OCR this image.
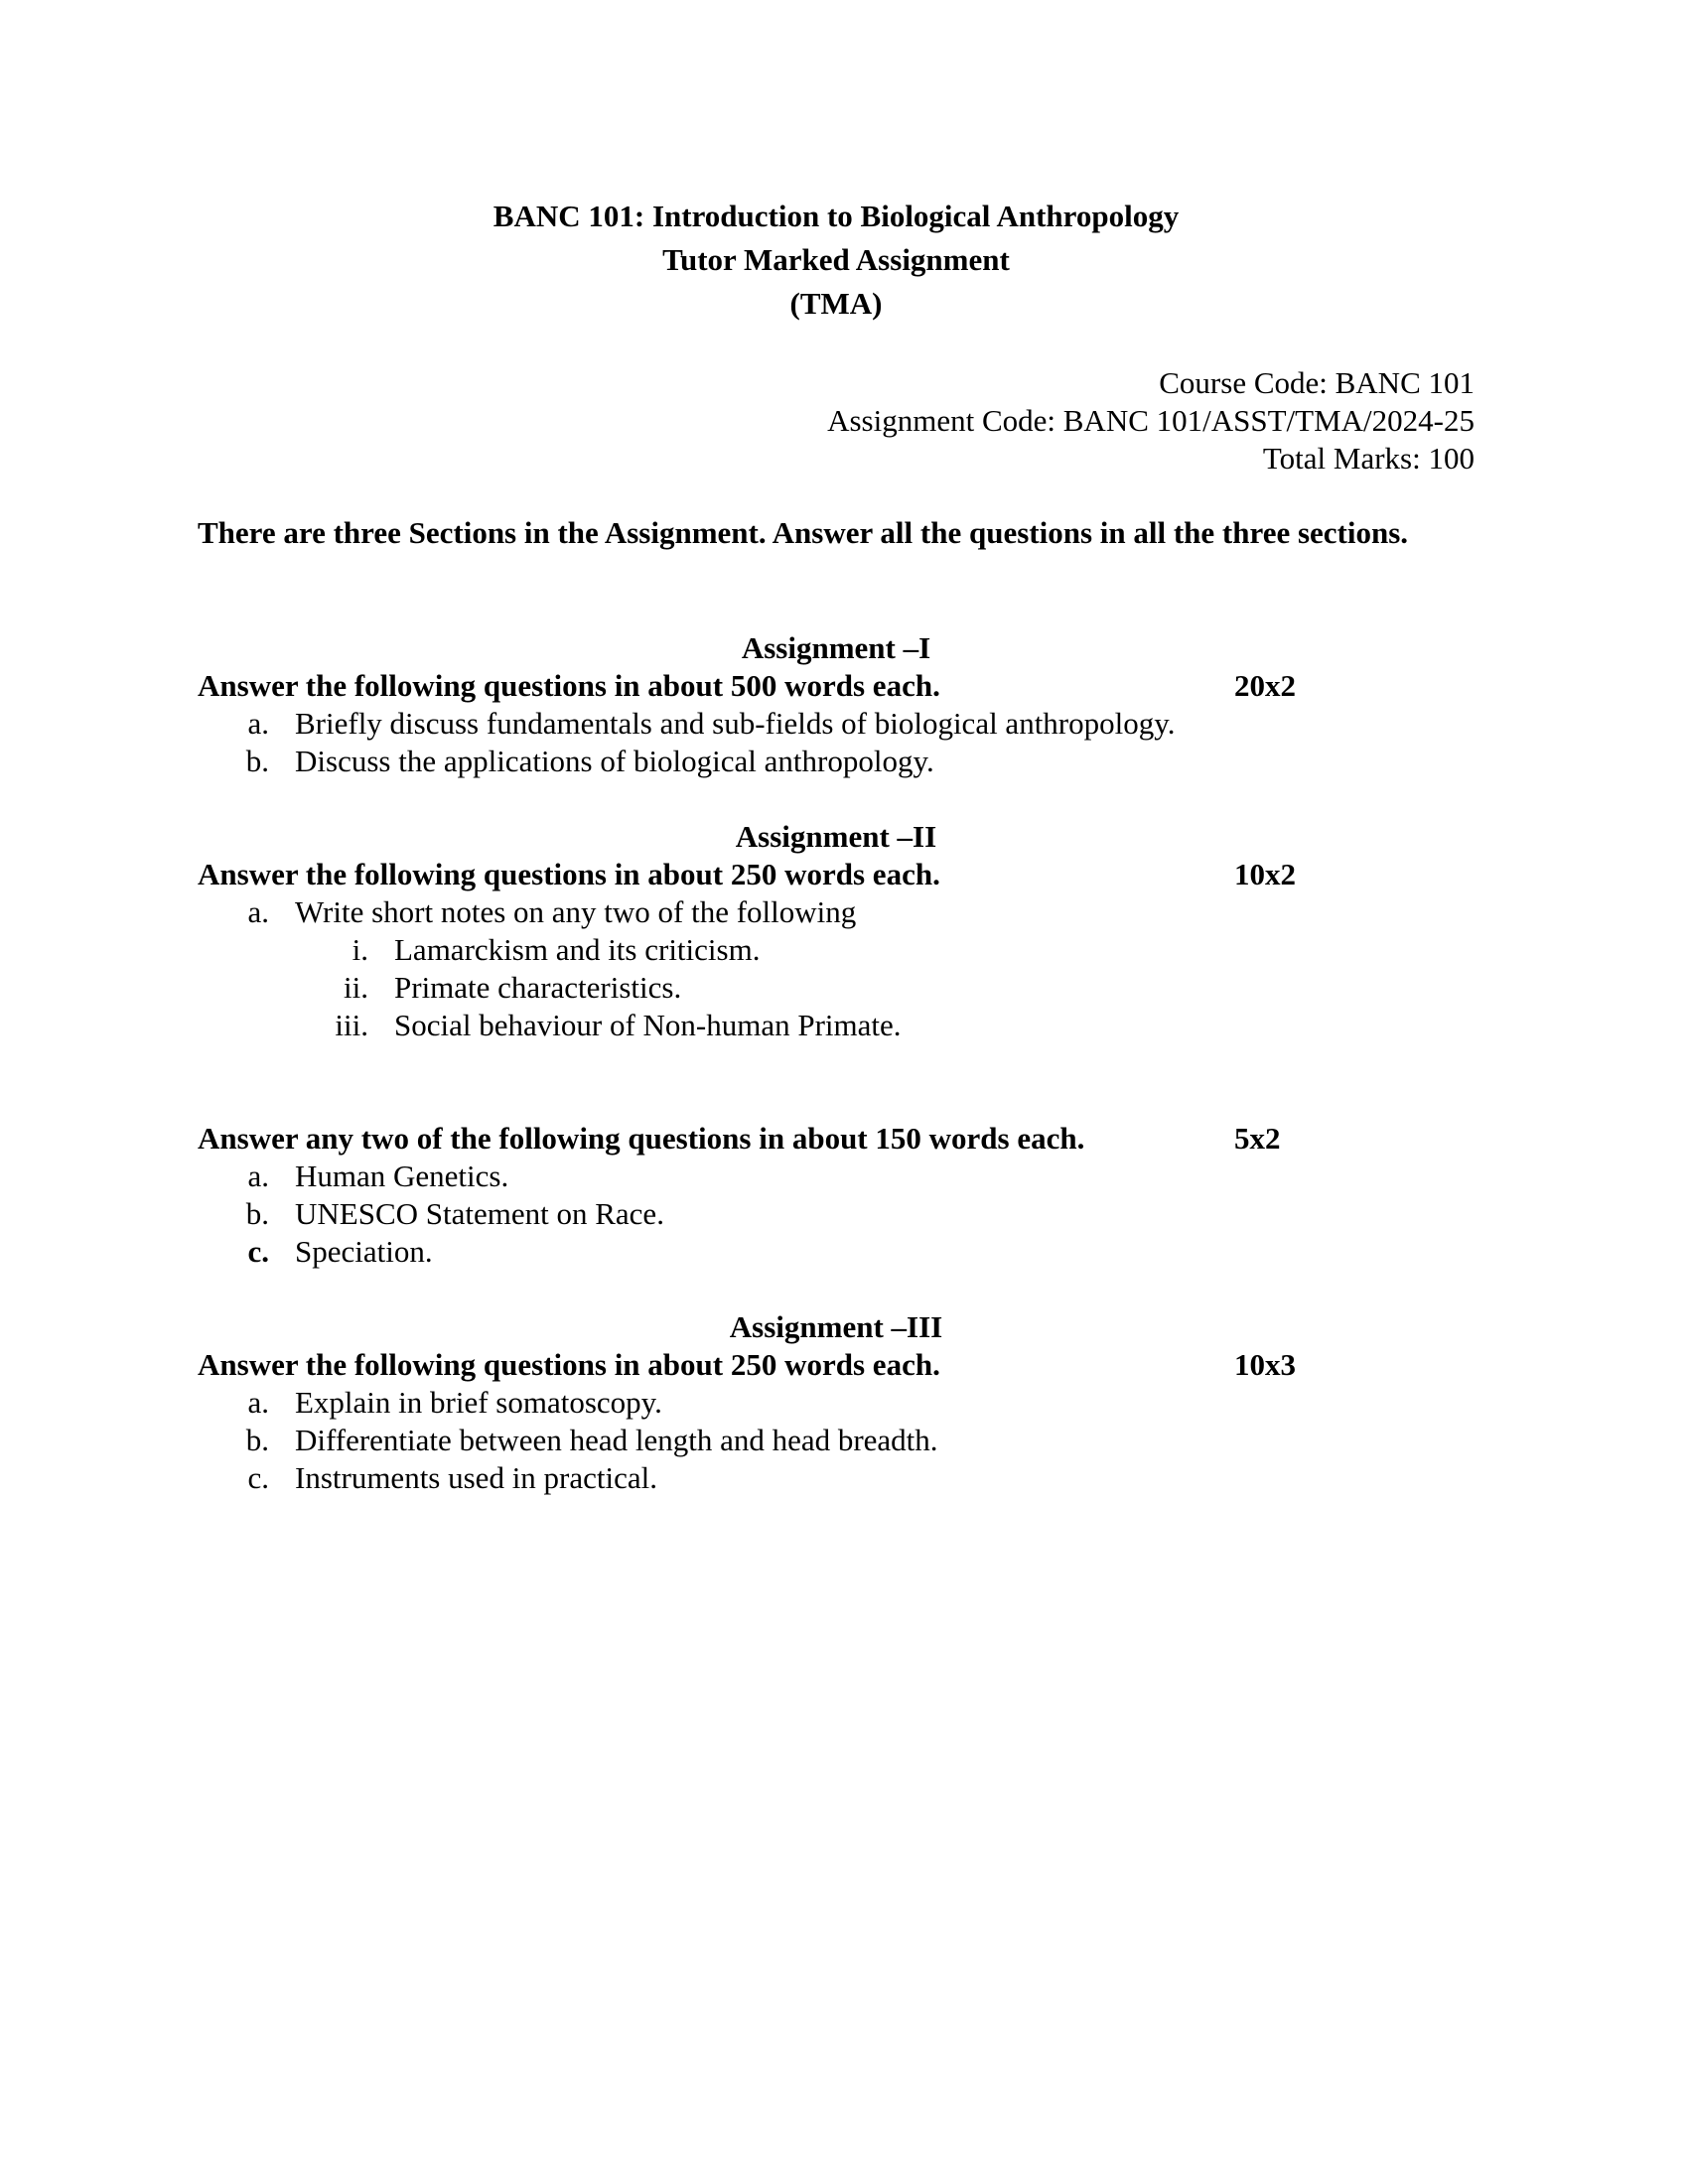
BANC 101: Introduction to Biological Anthropology
Tutor Marked Assignment
(TMA)
Course Code: BANC 101
Assignment Code: BANC 101/ASST/TMA/2024-25
Total Marks: 100
There are three Sections in the Assignment. Answer all the questions in all the three sections.
Assignment –I
Answer the following questions in about 500 words each.	20x2
a. Briefly discuss fundamentals and sub-fields of biological anthropology.
b. Discuss the applications of biological anthropology.
Assignment –II
Answer the following questions in about 250 words each.	10x2
a. Write short notes on any two of the following
i. Lamarckism and its criticism.
ii. Primate characteristics.
iii. Social behaviour of Non-human Primate.
Answer any two of the following questions in about 150 words each.	5x2
a. Human Genetics.
b. UNESCO Statement on Race.
c. Speciation.
Assignment –III
Answer the following questions in about 250 words each.	10x3
a. Explain in brief somatoscopy.
b. Differentiate between head length and head breadth.
c. Instruments used in practical.
